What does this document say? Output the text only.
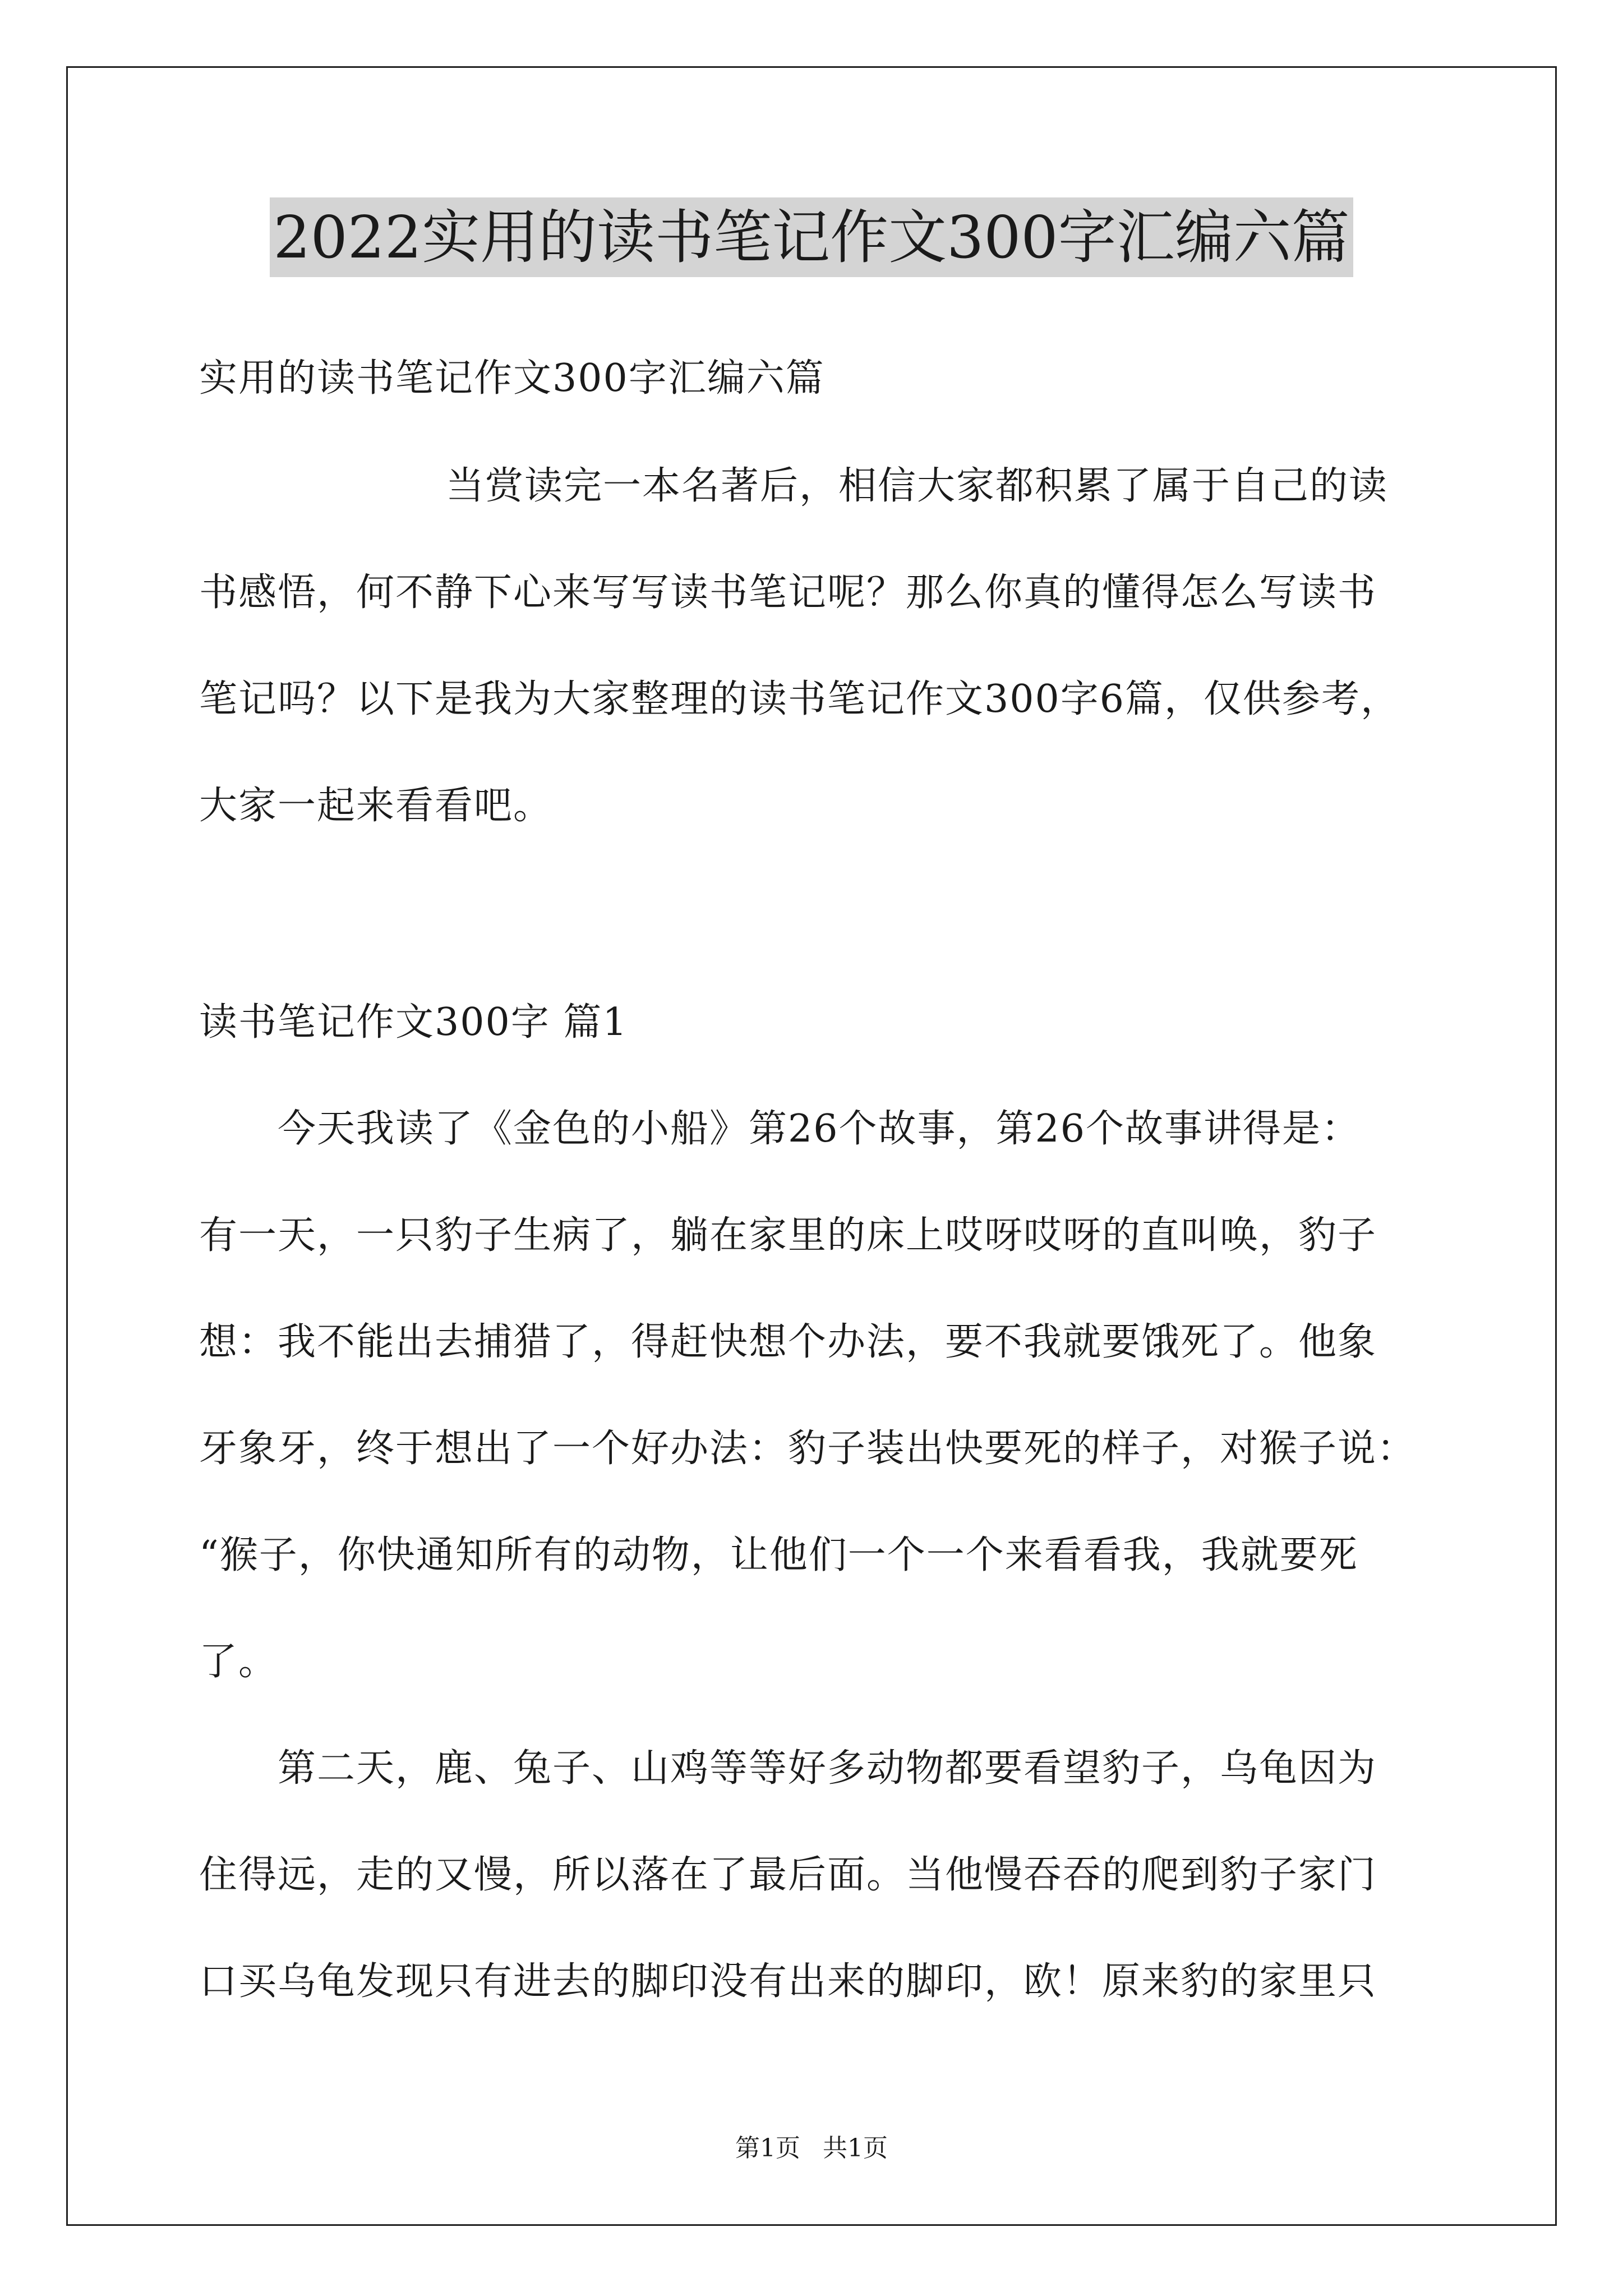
2022实用的读书笔记作文300字汇编六篇
实用的读书笔记作文300字汇编六篇
当赏读完一本名著后，相信大家都积累了属于自己的读
书感悟，何不静下心来写写读书笔记呢？那么你真的懂得怎么写读书
笔记吗？以下是我为大家整理的读书笔记作文300字6篇，仅供参考，
大家一起来看看吧。
读书笔记作文300字 篇1
今天我读了《金色的小船》第26个故事，第26个故事讲得是：
有一天，一只豹子生病了，躺在家里的床上哎呀哎呀的直叫唤，豹子
想：我不能出去捕猎了，得赶快想个办法，要不我就要饿死了。他象
牙象牙，终于想出了一个好办法：豹子装出快要死的样子，对猴子说：
“猴子，你快通知所有的动物，让他们一个一个来看看我，我就要死
了。
第二天，鹿、兔子、山鸡等等好多动物都要看望豹子，乌龟因为
住得远，走的又慢，所以落在了最后面。当他慢吞吞的爬到豹子家门
口买乌龟发现只有进去的脚印没有出来的脚印，欧！原来豹的家里只
第1页 共1页
